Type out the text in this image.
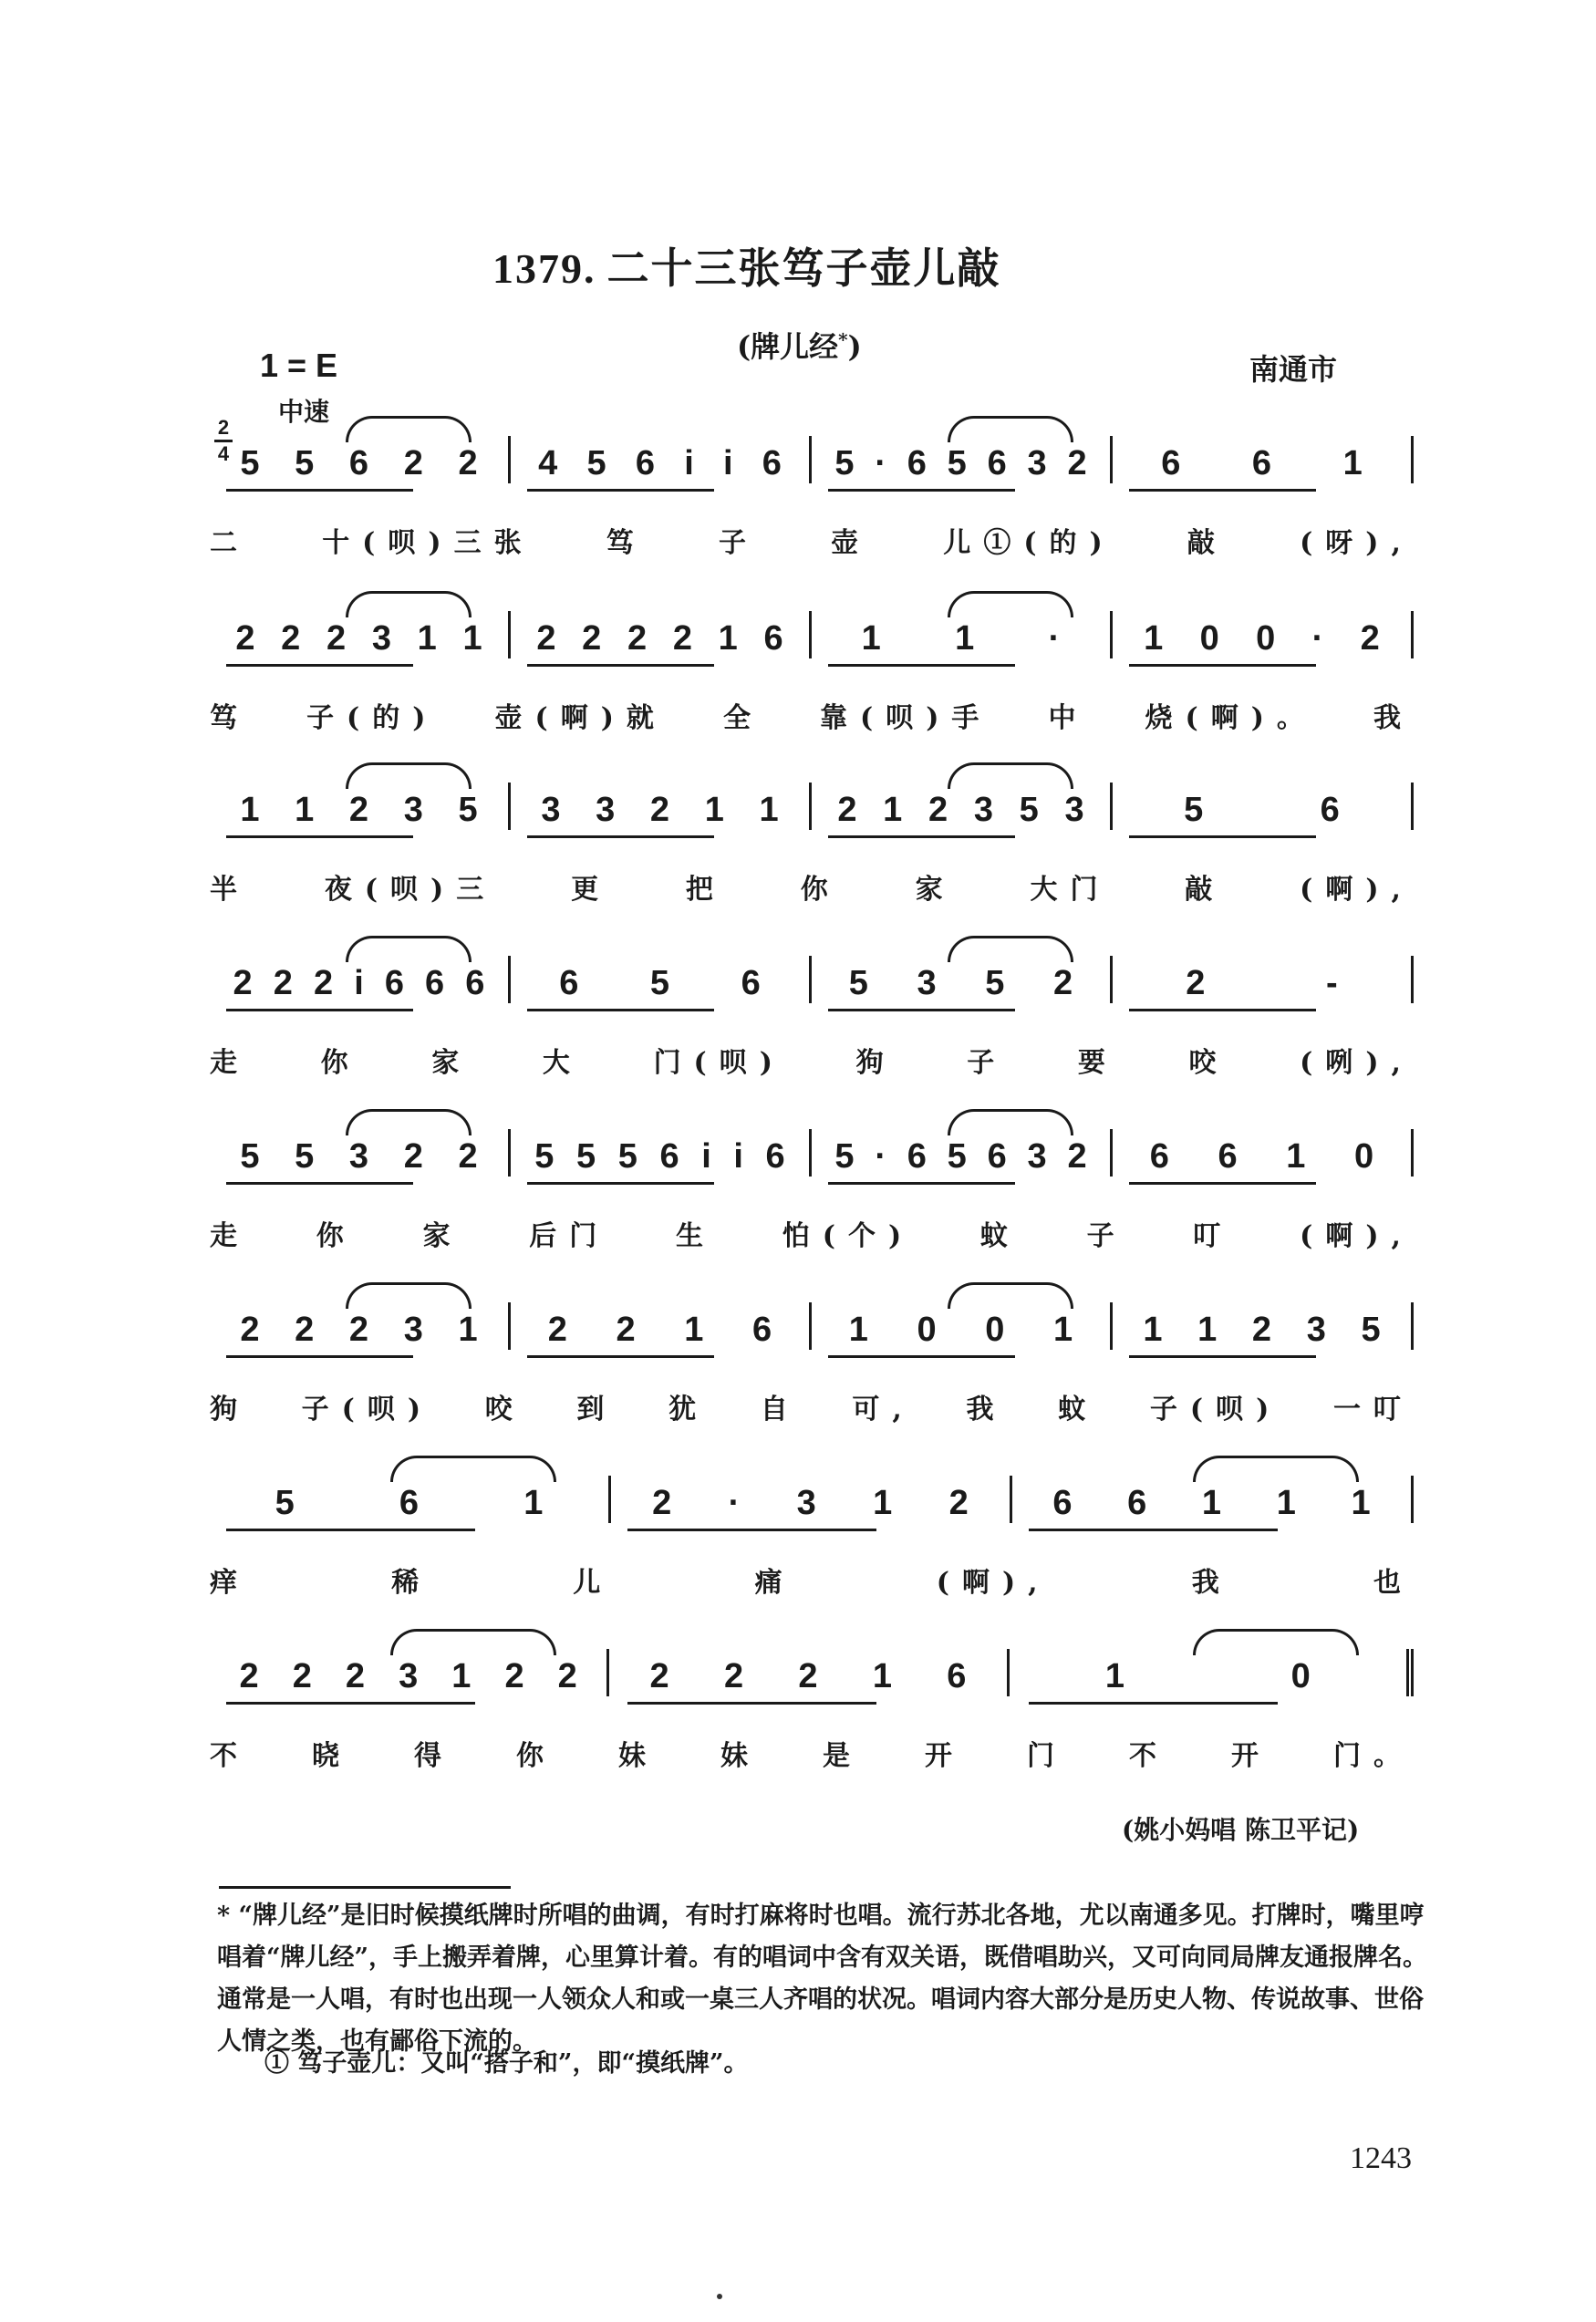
1379. 二十三张笃子壶儿敲
(牌儿经*)
1 = E
中速
南通市
2
4 5 5 6 2 2 4 5 6 i i 6 5 · 6 5 6 3 2 6 6 1
二	十(呗)三张	笃	子	壶	儿①(的)	敲	(呀),
2 2 2 3 1 1 2 2 2 2 1 6 1 1 · 1 0 0 · 2
笃 子(的) 壶(啊)就 全 靠(呗)手 中 烧(啊)。 我
1 1 2 3 5 3 3 2 1 1 2 1 2 3 5 3	5	6
半	夜(呗)三	更	把	你	家	大门	敲	(啊),
2 2 2 i 6 6 6 6 5 6	5 3 5 2	2	-
走	你	家	大	门(呗)	狗	子	要	咬	(咧),
5 5 3 2 2 5 5 5 6 i i 6 5 · 6 5 6 3 2 6 6 1 0
走 你 家 后门 生 怕(个) 蚊 子 叮 (啊),
2 2 2 3 1 2 2 1 6 1 0 0 1 1 1 2 3 5
狗 子(呗) 咬 到 犹 自 可, 我 蚊 子(呗) 一叮
5	6	1	2 · 3 1 2 6 6 1 1 1
痒	稀	儿	痛	(啊),	我	也
2 2 2 3 1 2 2 2 2 2 1 6	1	0
不 晓 得 你 妹 妹 是 开 门 不 开 门。
(姚小妈唱 陈卫平记)
* “牌儿经”是旧时候摸纸牌时所唱的曲调，有时打麻将时也唱。流行苏北各地，尤以南通多见。打牌时，嘴里哼唱着“牌儿经”，手上搬弄着牌，心里算计着。有的唱词中含有双关语，既借唱助兴，又可向同局牌友通报牌名。通常是一人唱，有时也出现一人领众人和或一桌三人齐唱的状况。唱词内容大部分是历史人物、传说故事、世俗人情之类，也有鄙俗下流的。
① 笃子壶儿：又叫“搭子和”，即“摸纸牌”。
1243
